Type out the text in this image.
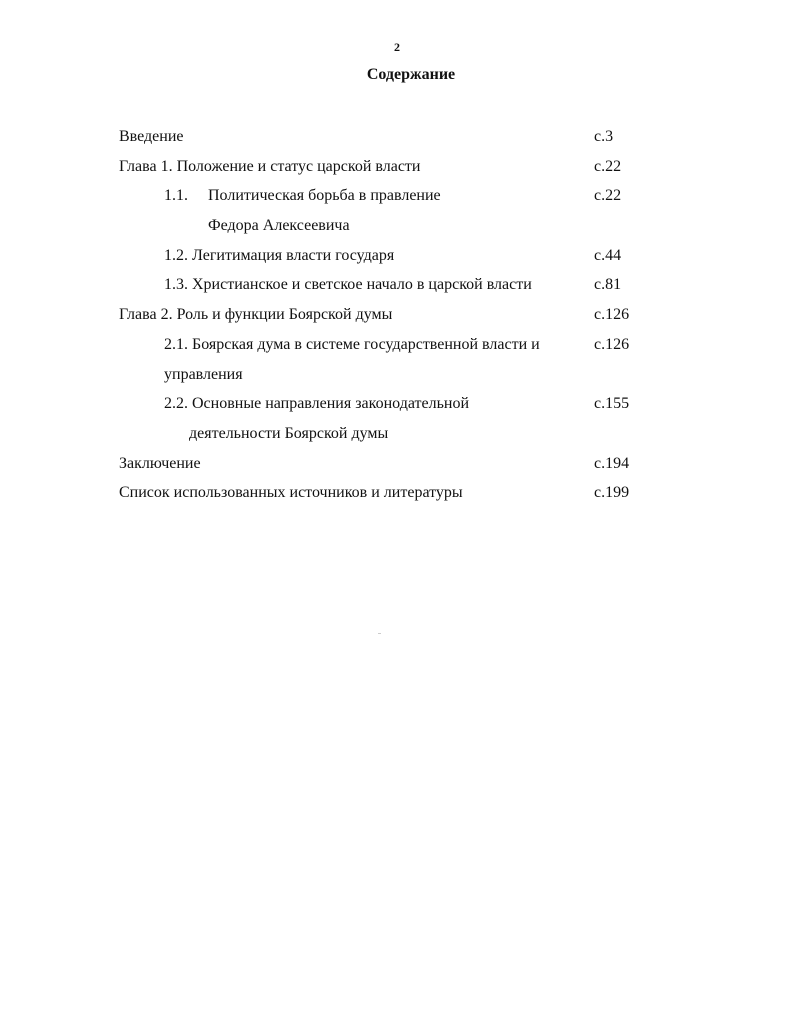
2
Содержание
Введение	с.3
Глава 1. Положение и статус царской власти	с.22
1.1. Политическая борьба в правление	с.22
Федора Алексеевича
1.2. Легитимация власти государя	с.44
1.3. Христианское и светское начало в царской власти	с.81
Глава 2. Роль и функции Боярской думы	с.126
2.1. Боярская дума в системе государственной власти и	с.126
управления
2.2. Основные направления законодательной	с.155
деятельности Боярской думы
Заключение	с.194
Список использованных источников и литературы	с.199
